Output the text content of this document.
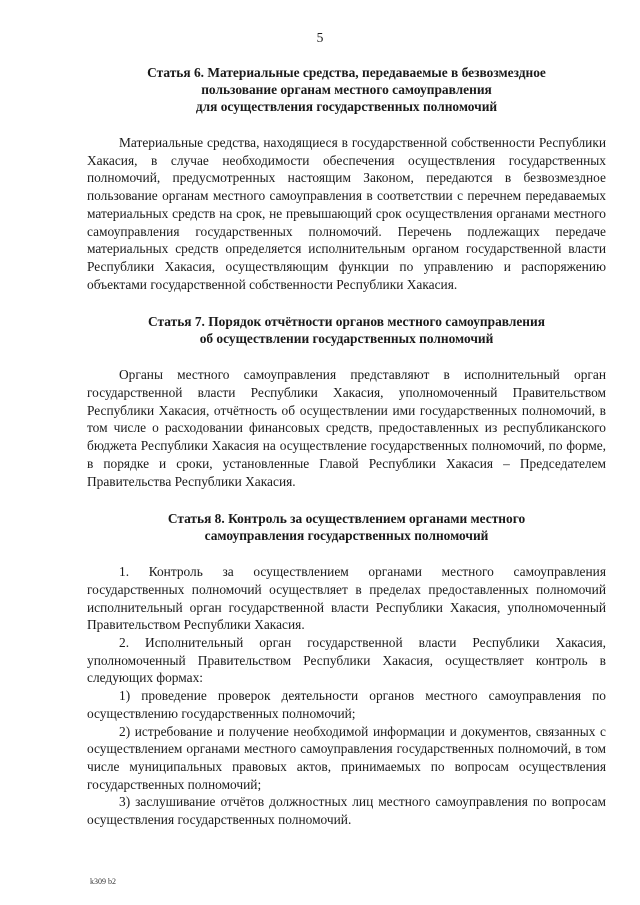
5
Статья 6. Материальные средства, передаваемые в безвозмездное
пользование органам местного самоуправления
для осуществления государственных полномочий

Материальные средства, находящиеся в государственной собственности Республики Хакасия, в случае необходимости обеспечения осуществления государственных полномочий, предусмотренных настоящим Законом, передаются в безвозмездное пользование органам местного самоуправления в соответствии с перечнем передаваемых материальных средств на срок, не превышающий срок осуществления органами местного самоуправления государственных полномочий. Перечень подлежащих передаче материальных средств определяется исполнительным органом государственной власти Республики Хакасия, осуществляющим функции по управлению и распоряжению объектами государственной собственности Республики Хакасия.

Статья 7. Порядок отчётности органов местного самоуправления
об осуществлении государственных полномочий

Органы местного самоуправления представляют в исполнительный орган государственной власти Республики Хакасия, уполномоченный Правительством Республики Хакасия, отчётность об осуществлении ими государственных полномочий, в том числе о расходовании финансовых средств, предоставленных из республиканского бюджета Республики Хакасия на осуществление государственных полномочий, по форме, в порядке и сроки, установленные Главой Республики Хакасия – Председателем Правительства Республики Хакасия.

Статья 8. Контроль за осуществлением органами местного
самоуправления государственных полномочий

1. Контроль за осуществлением органами местного самоуправления государственных полномочий осуществляет в пределах предоставленных полномочий исполнительный орган государственной власти Республики Хакасия, уполномоченный Правительством Республики Хакасия.

2. Исполнительный орган государственной власти Республики Хакасия, уполномоченный Правительством Республики Хакасия, осуществляет контроль в следующих формах:

1) проведение проверок деятельности органов местного самоуправления по осуществлению государственных полномочий;

2) истребование и получение необходимой информации и документов, связанных с осуществлением органами местного самоуправления государственных полномочий, в том числе муниципальных правовых актов, принимаемых по вопросам осуществления государственных полномочий;

3) заслушивание отчётов должностных лиц местного самоуправления по вопросам осуществления государственных полномочий.

k309 b2
